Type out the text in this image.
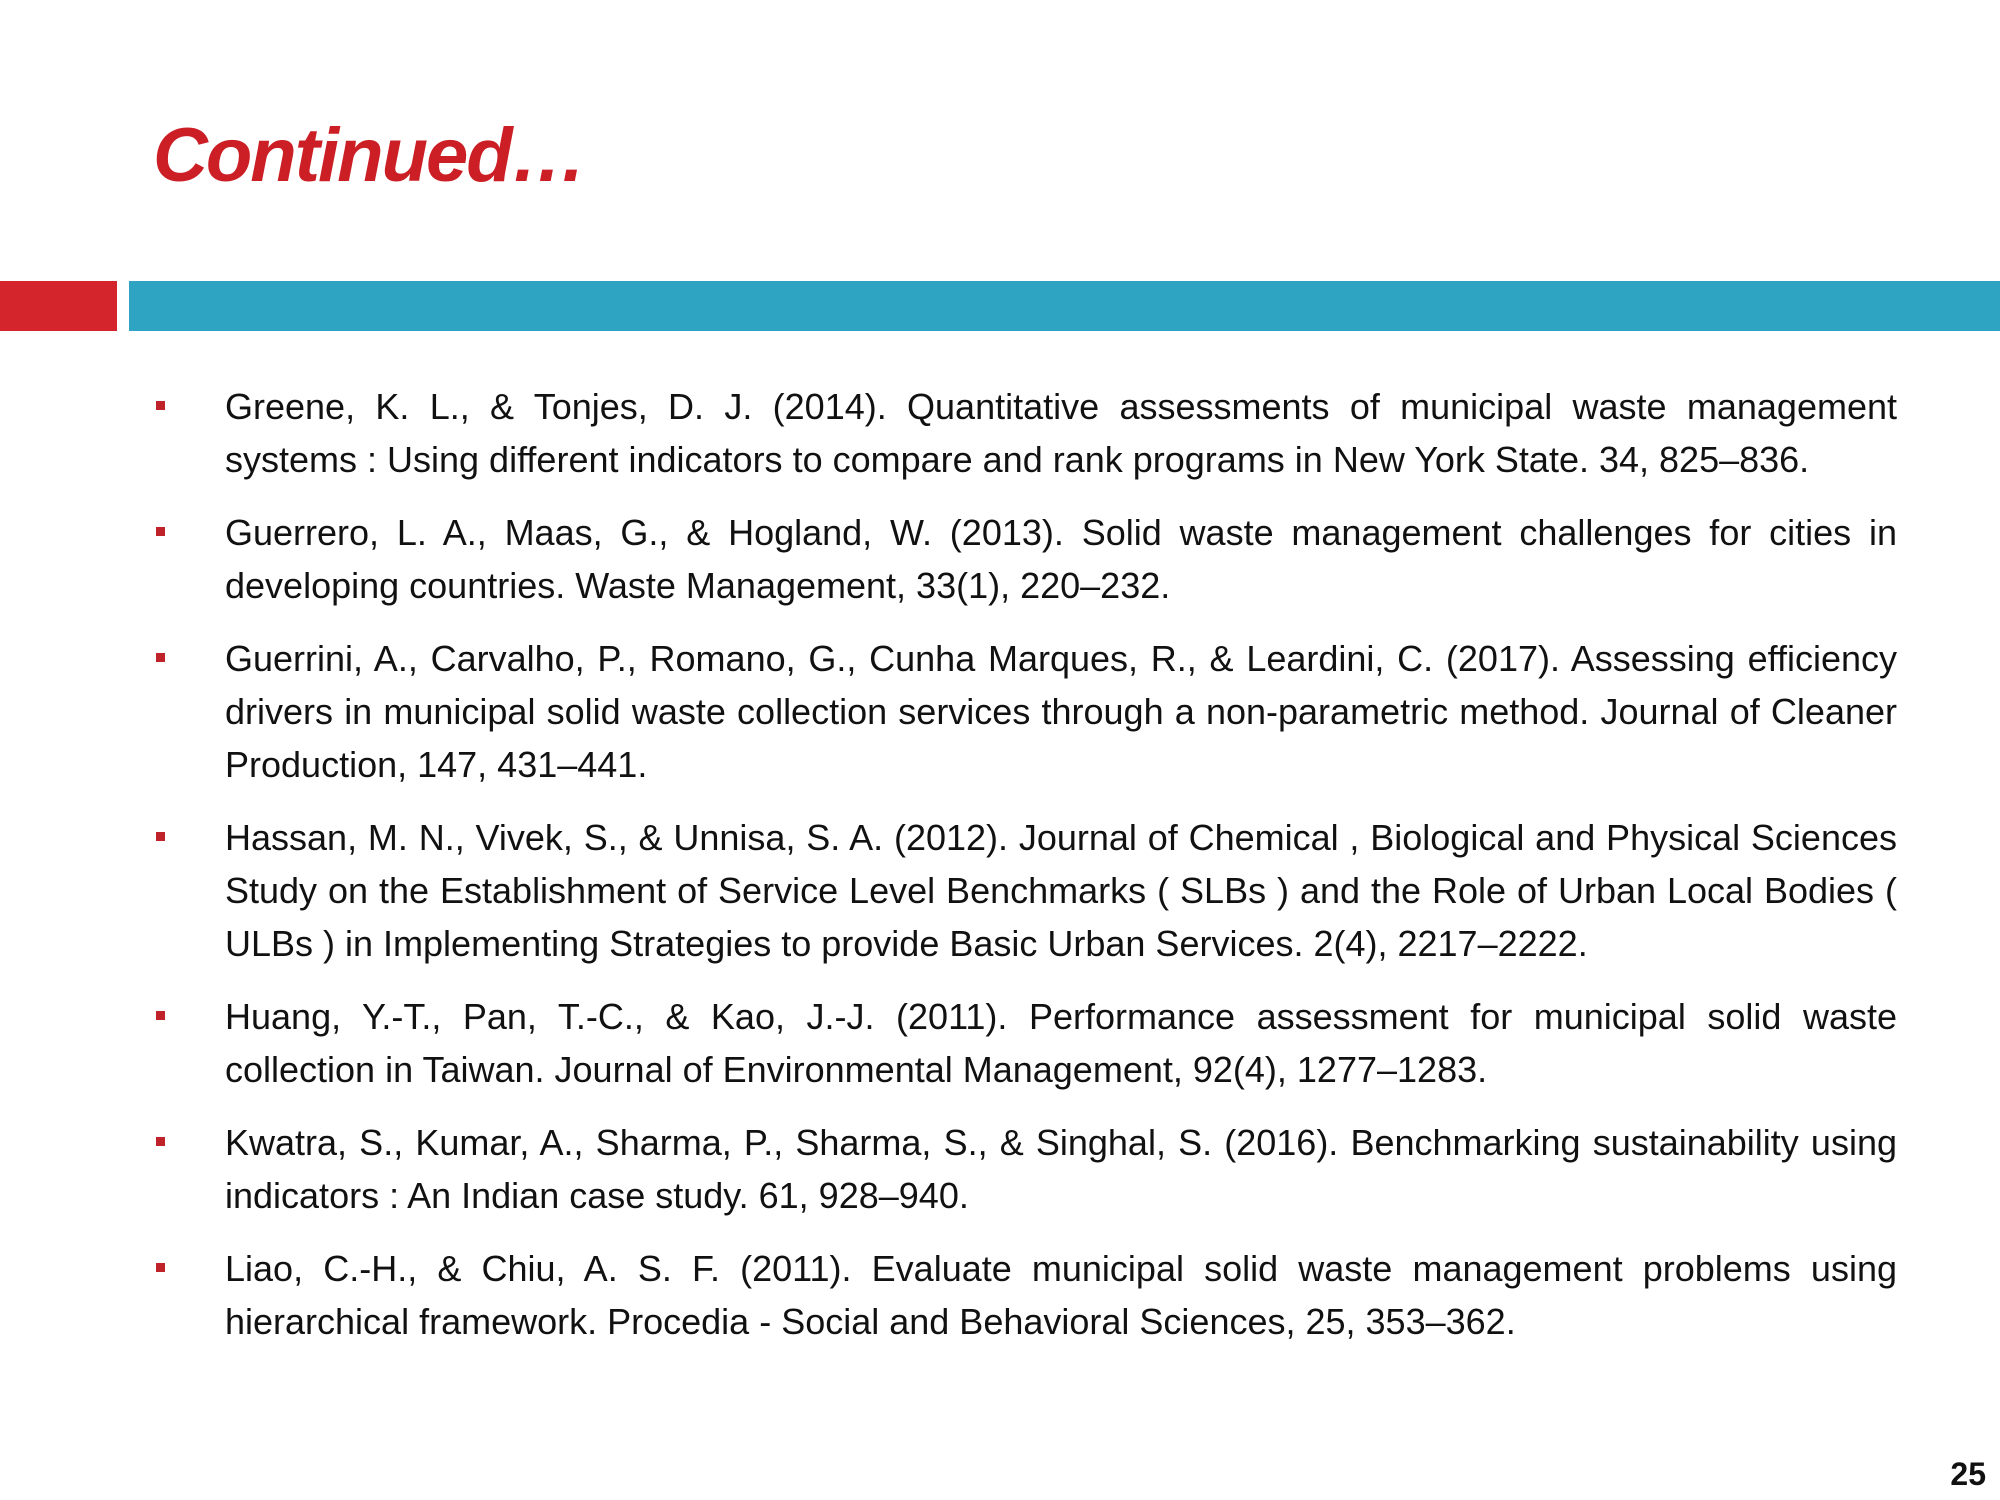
Continued…
Greene, K. L., & Tonjes, D. J. (2014). Quantitative assessments of municipal waste management systems : Using different indicators to compare and rank programs in New York State. 34, 825–836.
Guerrero, L. A., Maas, G., & Hogland, W. (2013). Solid waste management challenges for cities in developing countries. Waste Management, 33(1), 220–232.
Guerrini, A., Carvalho, P., Romano, G., Cunha Marques, R., & Leardini, C. (2017). Assessing efficiency drivers in municipal solid waste collection services through a non-parametric method. Journal of Cleaner Production, 147, 431–441.
Hassan, M. N., Vivek, S., & Unnisa, S. A. (2012). Journal of Chemical , Biological and Physical Sciences Study on the Establishment of Service Level Benchmarks ( SLBs ) and the Role of Urban Local Bodies ( ULBs ) in Implementing Strategies to provide Basic Urban Services. 2(4), 2217–2222.
Huang, Y.-T., Pan, T.-C., & Kao, J.-J. (2011). Performance assessment for municipal solid waste collection in Taiwan. Journal of Environmental Management, 92(4), 1277–1283.
Kwatra, S., Kumar, A., Sharma, P., Sharma, S., & Singhal, S. (2016). Benchmarking sustainability using indicators : An Indian case study. 61, 928–940.
Liao, C.-H., & Chiu, A. S. F. (2011). Evaluate municipal solid waste management problems using hierarchical framework. Procedia - Social and Behavioral Sciences, 25, 353–362.
25
